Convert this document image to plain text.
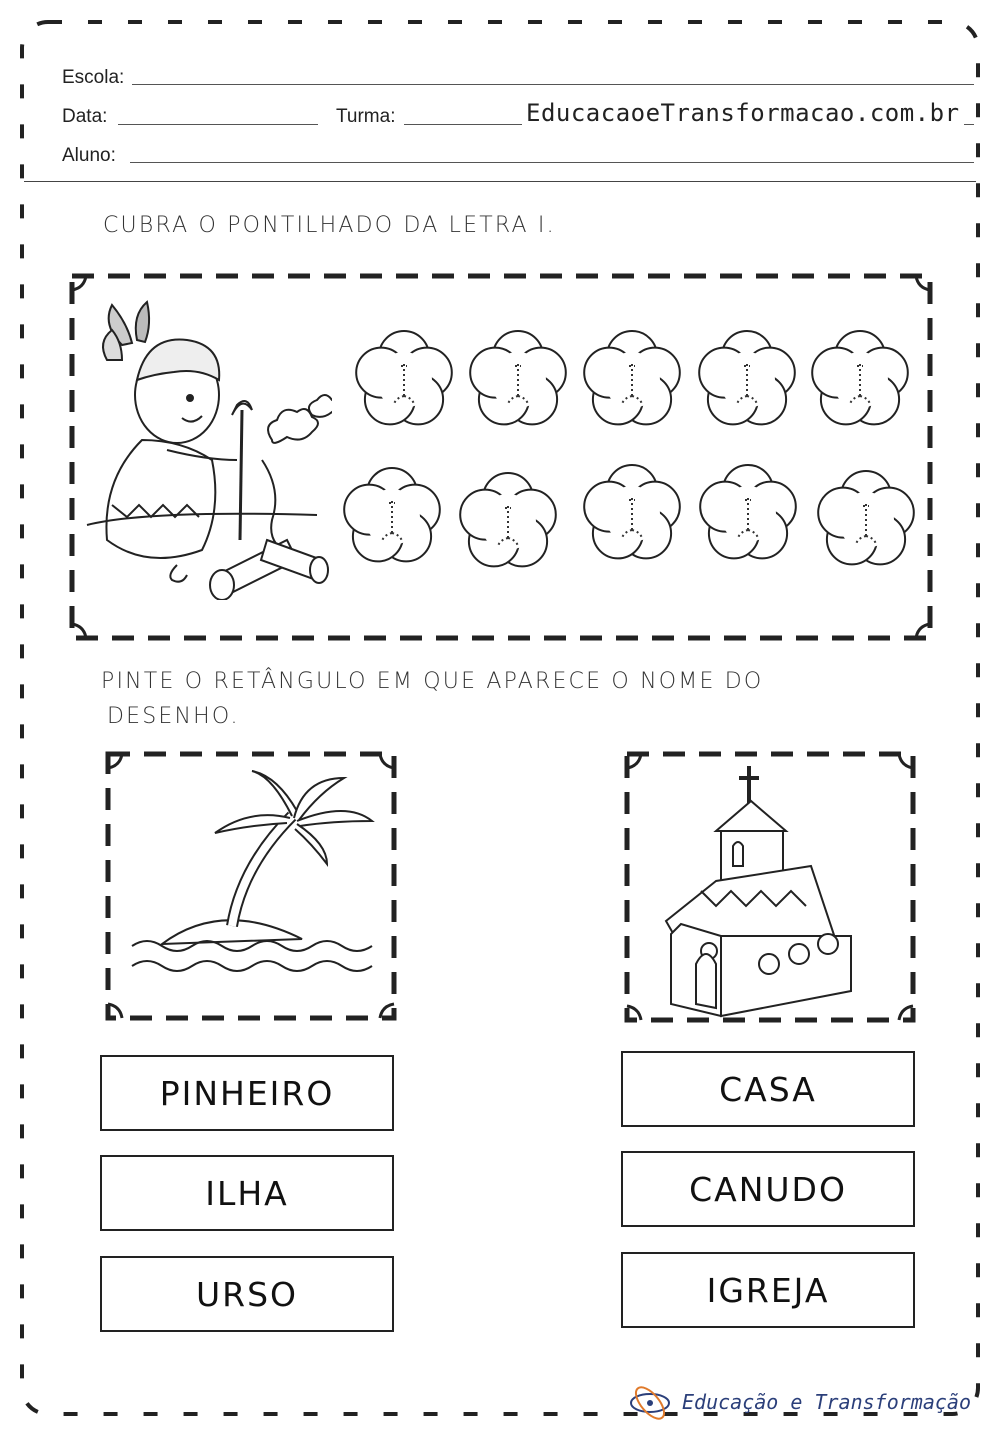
Escola:
Data:	Turma:	EducacaoeTransformacao.com.br
Aluno:
CUBRA O PONTILHADO DA LETRA I.
PINTE O RETÂNGULO EM QUE APARECE O NOME DO
DESENHO.
PINHEIRO
ILHA
URSO
CASA
CANUDO
IGREJA
Educação e Transformação
